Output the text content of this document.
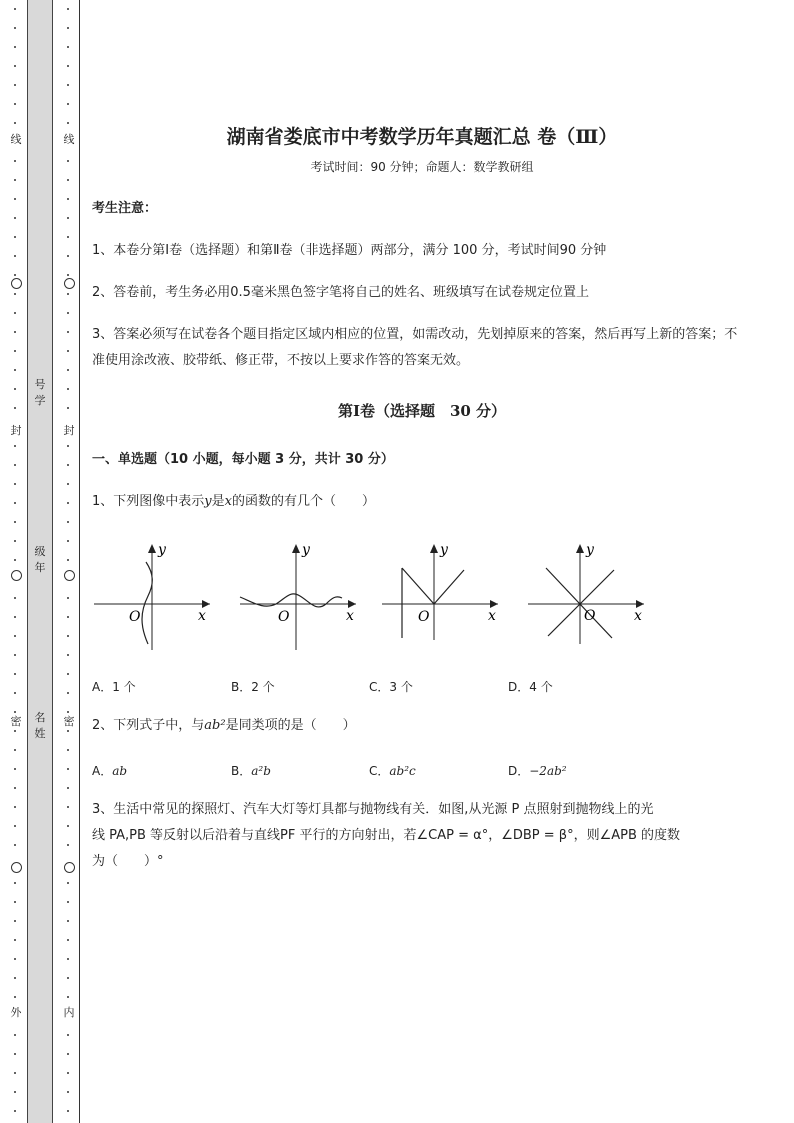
线
封
密
外
线
封
密
内
号学
级年
名姓
湖南省娄底市中考数学历年真题汇总 卷（Ⅲ）
考试时间：90 分钟；命题人：数学教研组
考生注意：
1、本卷分第Ⅰ卷（选择题）和第Ⅱ卷（非选择题）两部分，满分 100 分，考试时间90 分钟
2、答卷前，考生务必用0.5毫米黑色签字笔将自己的姓名、班级填写在试卷规定位置上
3、答案必须写在试卷各个题目指定区域内相应的位置，如需改动，先划掉原来的答案，然后再写上新的答案；不准使用涂改液、胶带纸、修正带，不按以上要求作答的答案无效。
第Ⅰ卷（选择题　30 分）
一、单选题（10 小题，每小题 3 分，共计 30 分）
1、下列图像中表示y是x的函数的有几个（　　）
y
x
O
y
x
O
y
x
O
y
x
O
A．1 个	B．2 个	C．3 个	D．4 个
2、下列式子中，与ab²是同类项的是（　　）
A．ab	B．a²b	C．ab²c	D．−2ab²
3、生活中常见的探照灯、汽车大灯等灯具都与抛物线有关．如图,从光源 P 点照射到抛物线上的光
线 PA,PB 等反射以后沿着与直线PF 平行的方向射出，若∠CAP = α°，∠DBP = β°，则∠APB 的度数
为（　　）°
